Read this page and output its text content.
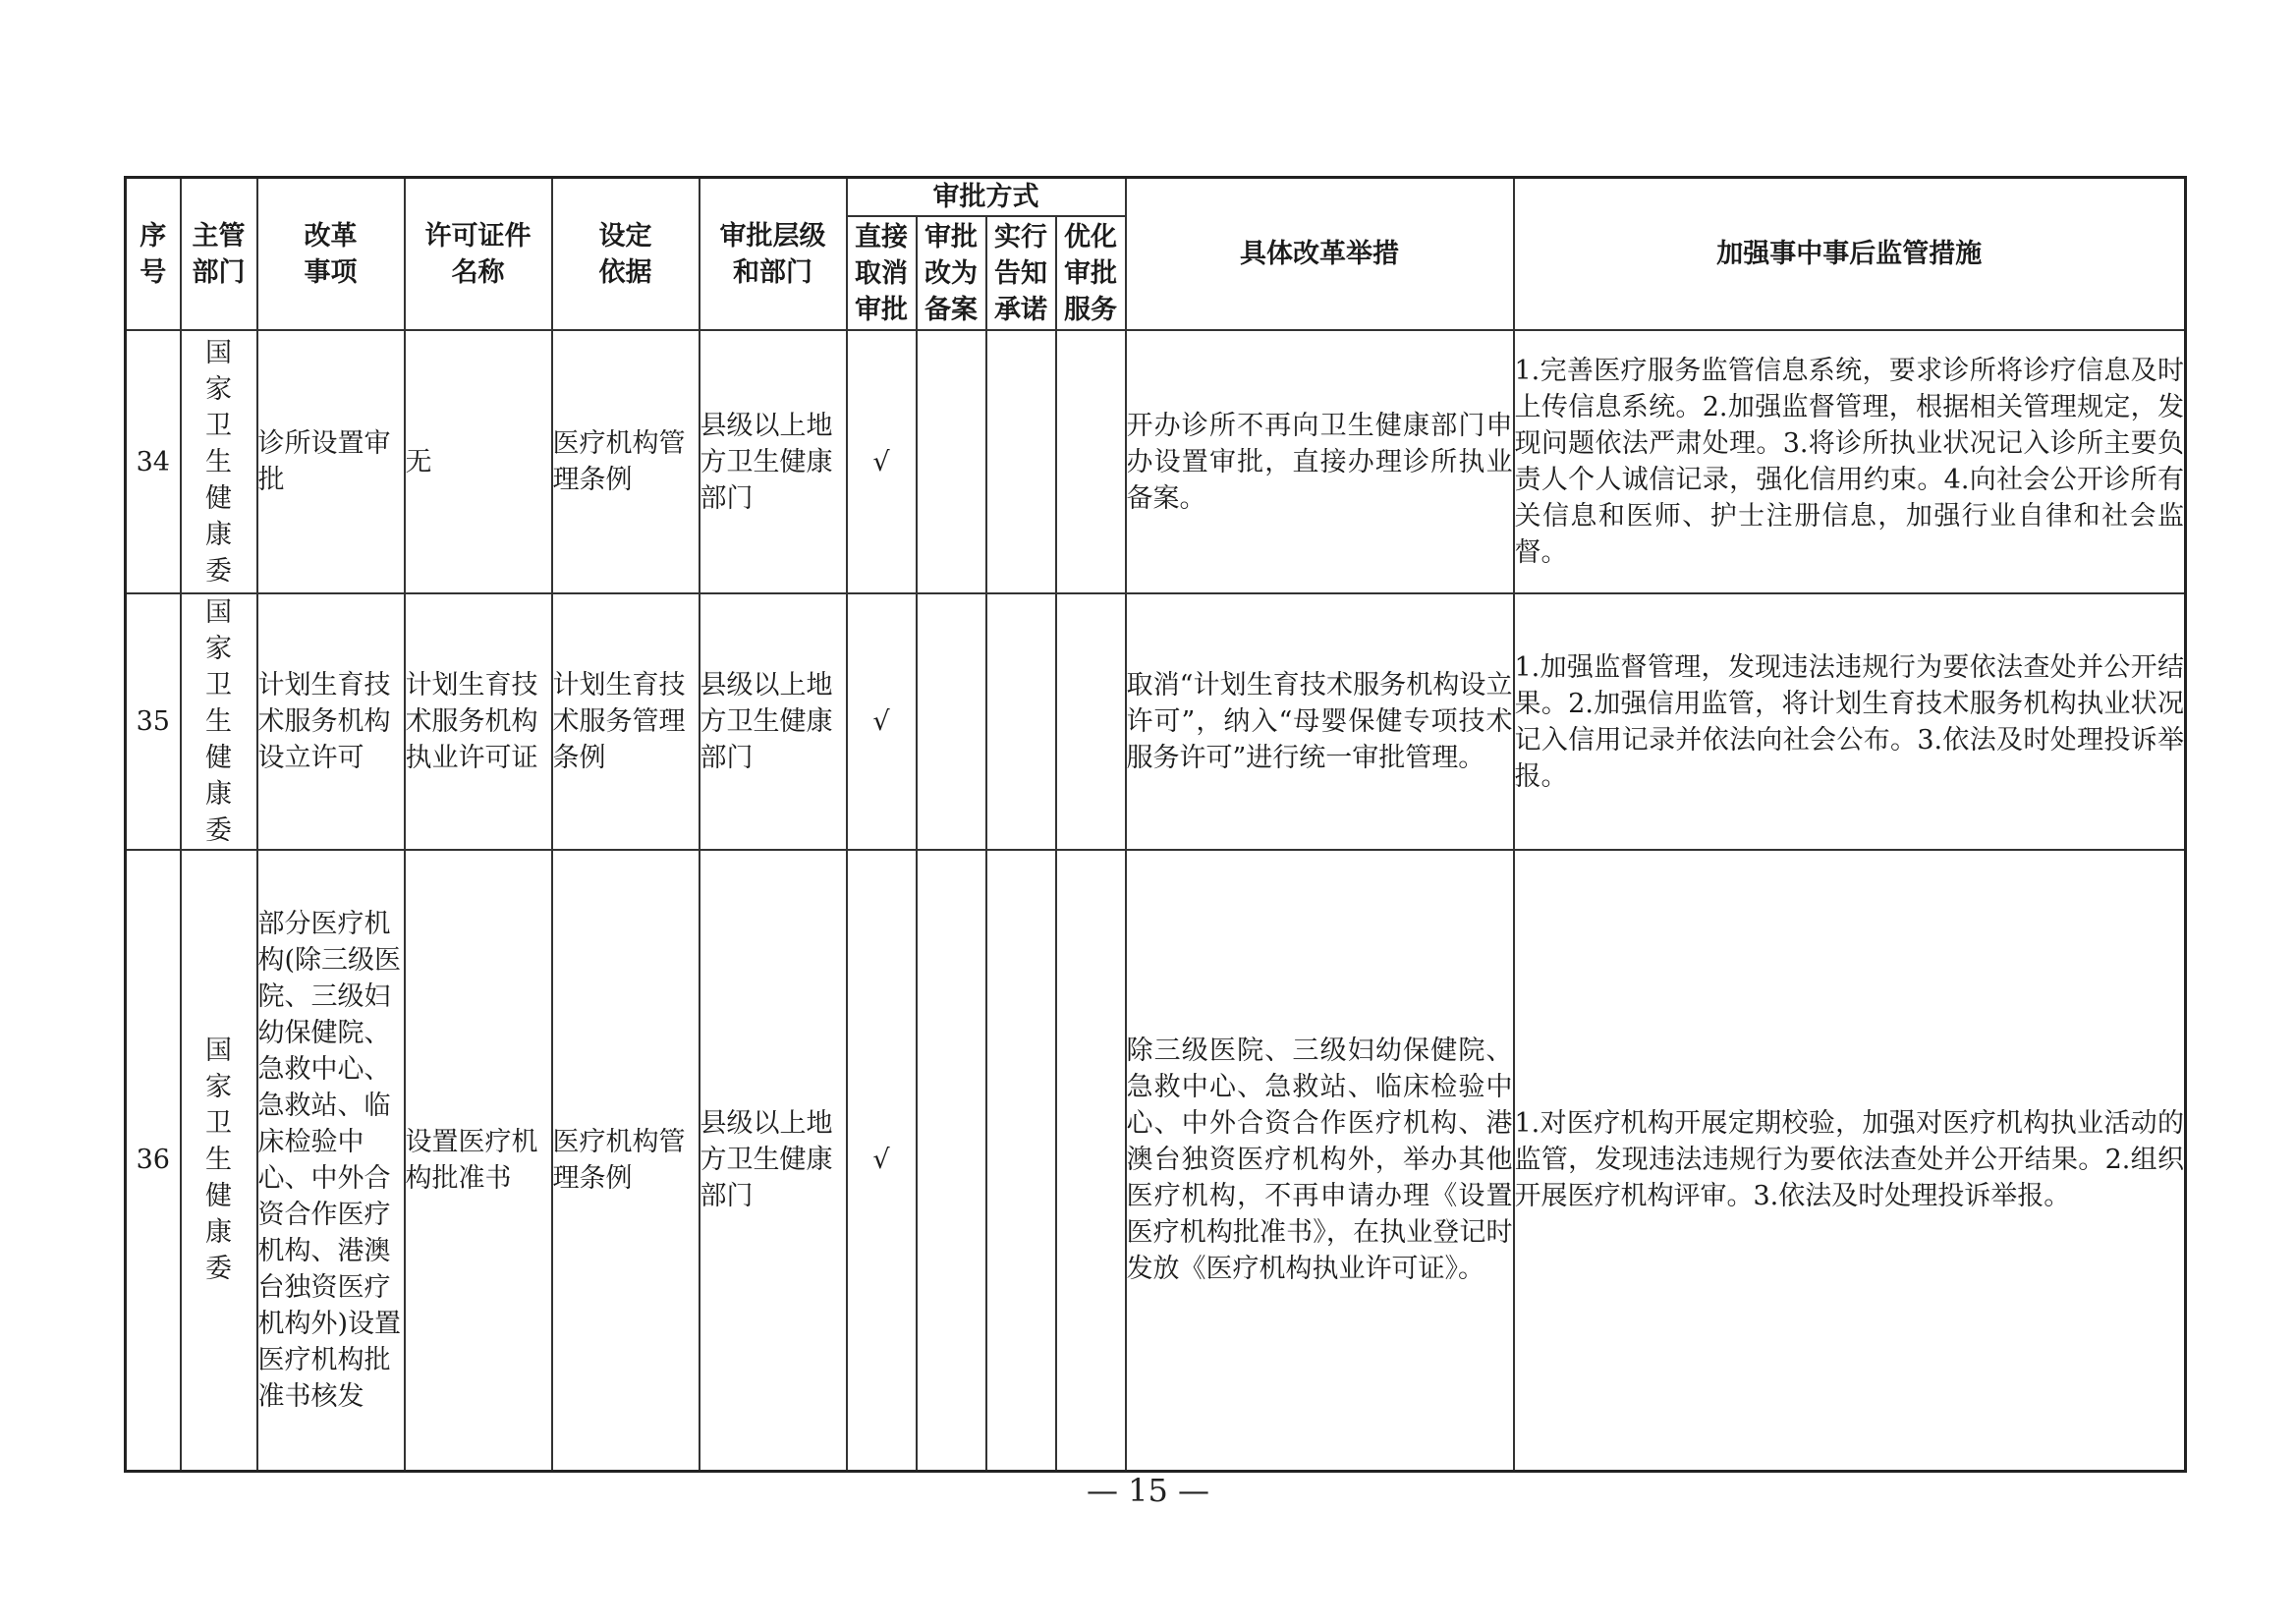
序号	主管部门	改革事项	许可证件名称	设定依据	审批层级和部门	审批方式				具体改革举措	加强事中事后监管措施

						直接取消审批	审批改为备案	实行告知承诺	优化审批服务		

34	国家卫生健康委	诊所设置审批	无	医疗机构管理条例	县级以上地方卫生健康部门	√				开办诊所不再向卫生健康部门申办设置审批，直接办理诊所执业备案。	1.完善医疗服务监管信息系统，要求诊所将诊疗信息及时上传信息系统。2.加强监督管理，根据相关管理规定，发现问题依法严肃处理。3.将诊所执业状况记入诊所主要负责人个人诚信记录，强化信用约束。4.向社会公开诊所有关信息和医师、护士注册信息，加强行业自律和社会监督。
35	国家卫生健康委	计划生育技术服务机构设立许可	计划生育技术服务机构执业许可证	计划生育技术服务管理条例	县级以上地方卫生健康部门	√				取消“计划生育技术服务机构设立许可”，纳入“母婴保健专项技术服务许可”进行统一审批管理。	1.加强监督管理，发现违法违规行为要依法查处并公开结果。2.加强信用监管，将计划生育技术服务机构执业状况记入信用记录并依法向社会公布。3.依法及时处理投诉举报。
36	国家卫生健康委	部分医疗机构(除三级医院、三级妇幼保健院、急救中心、急救站、临床检验中心、中外合资合作医疗机构、港澳台独资医疗机构外)设置医疗机构批准书核发	设置医疗机构批准书	医疗机构管理条例	县级以上地方卫生健康部门	√				除三级医院、三级妇幼保健院、急救中心、急救站、临床检验中心、中外合资合作医疗机构、港澳台独资医疗机构外，举办其他医疗机构，不再申请办理《设置医疗机构批准书》，在执业登记时发放《医疗机构执业许可证》。	1.对医疗机构开展定期校验，加强对医疗机构执业活动的监管，发现违法违规行为要依法查处并公开结果。2.组织开展医疗机构评审。3.依法及时处理投诉举报。
— 15 —
